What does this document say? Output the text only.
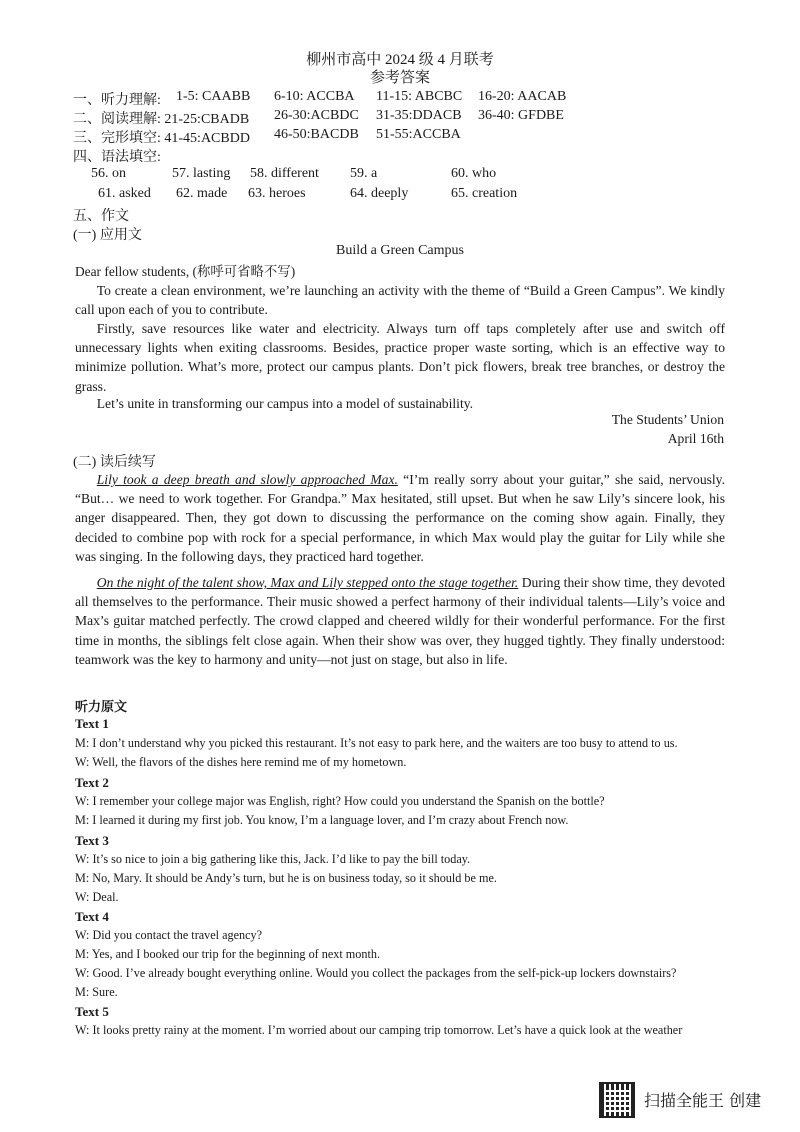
柳州市高中 2024 级 4 月联考
参考答案
一、听力理解: 1-5: CAABB 6-10: ACCBA 11-15: ABCBC 16-20: AACAB
二、阅读理解: 21-25:CBADB 26-30:ACBDC 31-35:DDACB 36-40: GFDBE
三、完形填空: 41-45:ACBDD 46-50:BACDB 51-55:ACCBA
四、语法填空:
56. on	57. lasting 58. different 59. a	60. who
61. asked 62. made 63. heroes	64. deeply	65. creation
五、作文
(一) 应用文
Build a Green Campus
Dear fellow students, (称呼可省略不写)
To create a clean environment, we’re launching an activity with the theme of “Build a Green Campus”. We kindly call upon each of you to contribute.
Firstly, save resources like water and electricity. Always turn off taps completely after use and switch off unnecessary lights when exiting classrooms. Besides, practice proper waste sorting, which is an effective way to minimize pollution. What’s more, protect our campus plants. Don’t pick flowers, break tree branches, or destroy the grass.
Let’s unite in transforming our campus into a model of sustainability.
The Students’ Union
April 16th
(二) 读后续写
Lily took a deep breath and slowly approached Max. “I’m really sorry about your guitar,” she said, nervously. “But… we need to work together. For Grandpa.” Max hesitated, still upset. But when he saw Lily’s sincere look, his anger disappeared. Then, they got down to discussing the performance on the coming show again. Finally, they decided to combine pop with rock for a special performance, in which Max would play the guitar for Lily while she was singing. In the following days, they practiced hard together.
On the night of the talent show, Max and Lily stepped onto the stage together. During their show time, they devoted all themselves to the performance. Their music showed a perfect harmony of their individual talents—Lily’s voice and Max’s guitar matched perfectly. The crowd clapped and cheered wildly for their wonderful performance. For the first time in months, the siblings felt close again. When their show was over, they hugged tightly. They finally understood: teamwork was the key to harmony and unity—not just on stage, but also in life.
听力原文
Text 1
M: I don’t understand why you picked this restaurant. It’s not easy to park here, and the waiters are too busy to attend to us.
W: Well, the flavors of the dishes here remind me of my hometown.
Text 2
W: I remember your college major was English, right? How could you understand the Spanish on the bottle?
M: I learned it during my first job. You know, I’m a language lover, and I’m crazy about French now.
Text 3
W: It’s so nice to join a big gathering like this, Jack. I’d like to pay the bill today.
M: No, Mary. It should be Andy’s turn, but he is on business today, so it should be me.
W: Deal.
Text 4
W: Did you contact the travel agency?
M: Yes, and I booked our trip for the beginning of next month.
W: Good. I’ve already bought everything online. Would you collect the packages from the self-pick-up lockers downstairs?
M: Sure.
Text 5
W: It looks pretty rainy at the moment. I’m worried about our camping trip tomorrow. Let’s have a quick look at the weather
扫描全能王 创建
